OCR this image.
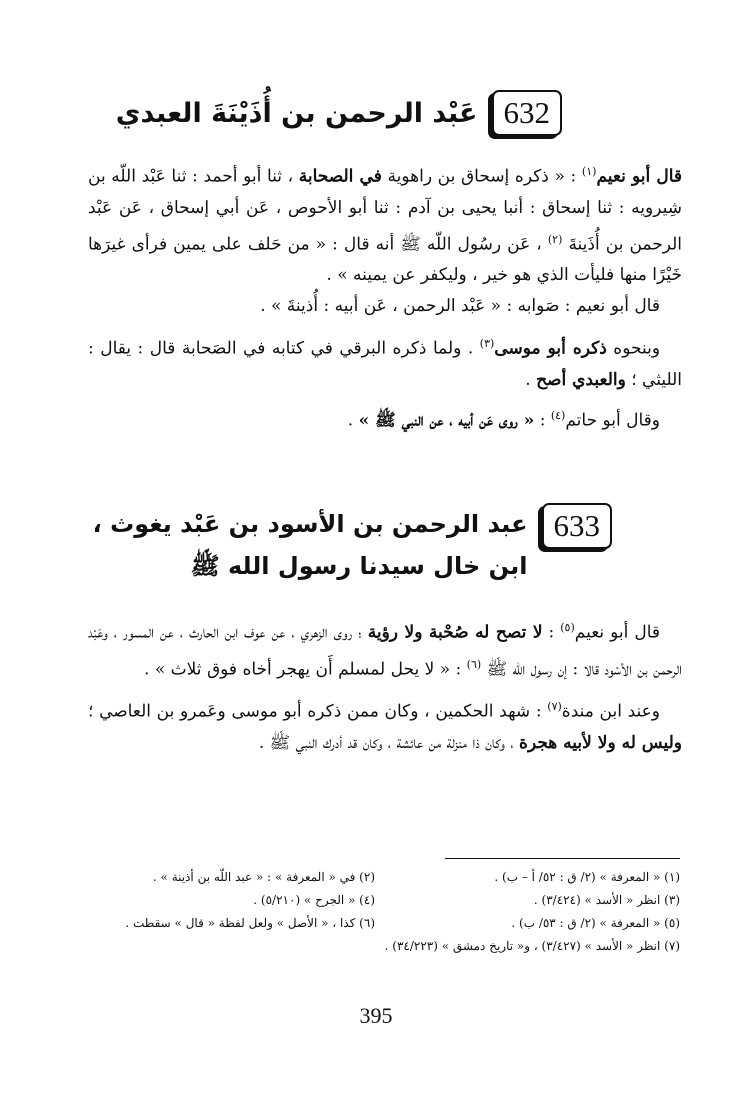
632
عَبْد الرحمن بن أُذَيْنَةَ العبدي

قال أبو نعيم$^{(١)}$ : « ذكره إسحاق بن راهوية في الصحابة ، ثنا أبو أحمد : ثنا عَبْد اللّه بن شِيرويه : ثنا إسحاق : أنبا يحيى بن آدم : ثنا أبو الأحوص ، عَن أبي إسحاق ، عَن عَبْد الرحمن بن أُذَينةَ $^{(٢)}$ ، عَن رسُول اللّه ﷺ أنه قال : « من حَلف على يمين فرأى غيرَها خَيْرًا منها فليأت الذي هو خير ، وليكفر عن يمينه » .

قال أبو نعيم : صَوابه : « عَبْد الرحمن ، عَن أبيه : أُذينةَ » .

وبنحوه ذكره أبو موسى$^{(٣)}$ . ولما ذكره البرقي في كتابه في الصَحابة قال : يقال : الليثي ؛ والعبدي أصح .

وقال أبو حاتم$^{(٤)}$ : « روى عَن أبيه ، عن النبي ﷺ » .

633
عبد الرحمن بن الأسود بن عَبْد يغوث ،
ابن خال سيدنا رسول الله ﷺ

قال أبو نعيم$^{(٥)}$ : لا تصح له صُحْبة ولا رؤية ؛ روى الزهري ، عن عوف ابن الحارث ، عن المسور ، وعَبْد الرحمن بن الأسْود قالا : إن رسول اللّه ﷺ $^{(٦)}$ : « لا يحل لمسلم أَن يهجر أخاه فوق ثلاث » .

وعند ابن مندة$^{(٧)}$ : شهد الحكمين ، وكان ممن ذكره أبو موسى وعَمرو بن العاصي ؛ وليس له ولا لأبيه هجرة ، وكان ذا منزلة من عائشة ، وكان قد أدرك النبي ﷺ .

(١) « المعرفة » (٢/ ق : ٥٢/ أ – ب) .
(٢) في « المعرفة » : « عبد اللّه بن أذينة » .
(٣) انظر « الأسد » (٣/٤٢٤) .
(٤) « الجرح » (٥/٢١٠) .
(٥) « المعرفة » (٢/ ق : ٥٣/ ب) .
(٦) كذا ، « الأصل » ولعل لفظة « قال » سقطت .
(٧) انظر « الأسد » (٣/٤٢٧) ، و« تاريخ دمشق » (٣٤/٢٢٣) .
395
